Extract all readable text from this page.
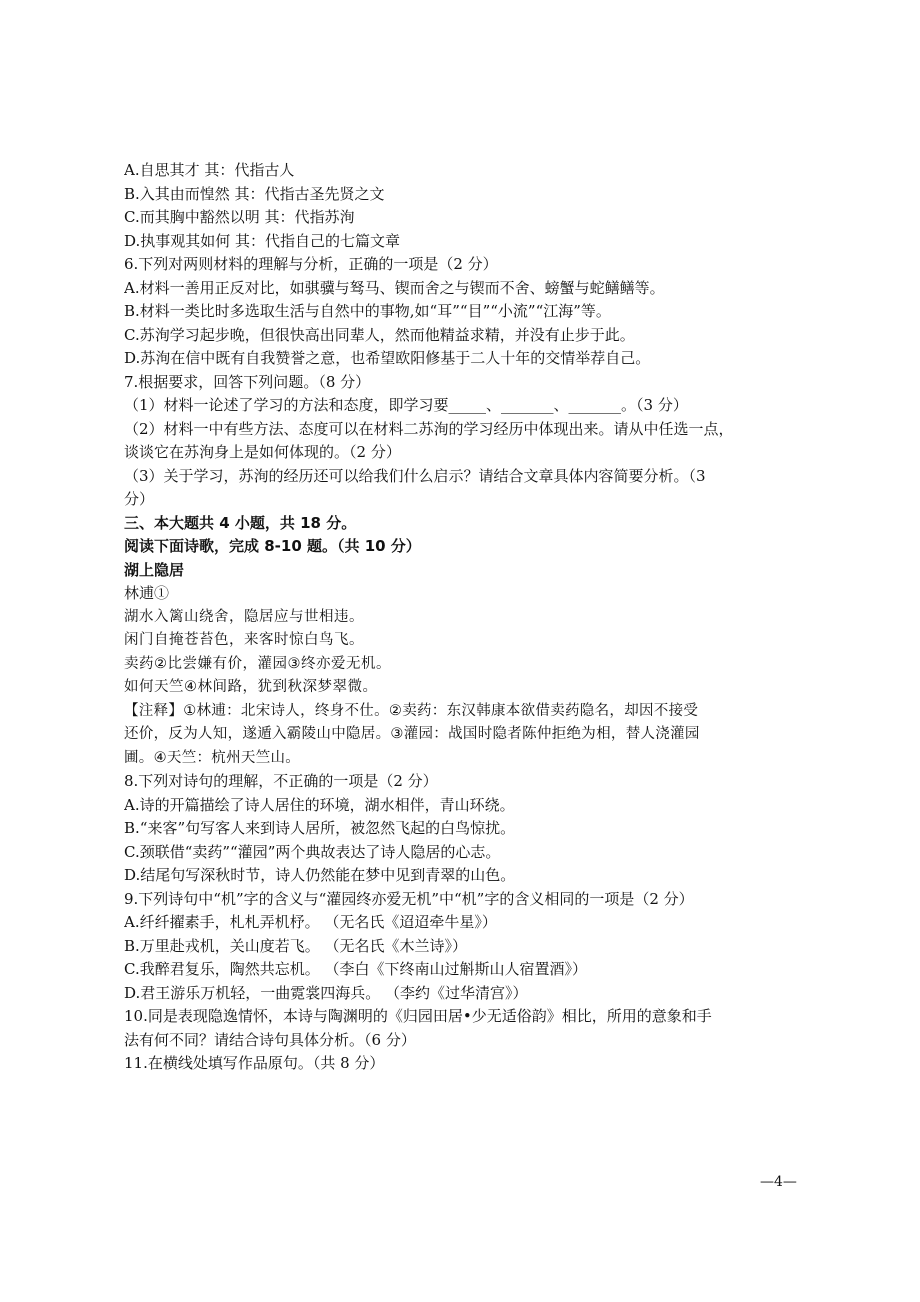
A.自思其才 其：代指古人
B.入其由而惶然 其：代指古圣先贤之文
C.而其胸中豁然以明 其：代指苏洵
D.执事观其如何 其：代指自己的七篇文章
6.下列对两则材料的理解与分析，正确的一项是（2 分）
A.材料一善用正反对比，如骐骥与驽马、锲而舍之与锲而不舍、螃蟹与蛇鳝鳝等。
B.材料一类比时多选取生活与自然中的事物,如“耳”“目”“小流”“江海”等。
C.苏洵学习起步晚，但很快高出同辈人，然而他精益求精，并没有止步于此。
D.苏洵在信中既有自我赞誉之意，也希望欧阳修基于二人十年的交情举荐自己。
7.根据要求，回答下列问题。（8 分）
（1）材料一论述了学习的方法和态度，即学习要_____、_______、_______。（3 分）
（2）材料一中有些方法、态度可以在材料二苏洵的学习经历中体现出来。请从中任选一点，
谈谈它在苏洵身上是如何体现的。（2 分）
（3）关于学习，苏洵的经历还可以给我们什么启示？请结合文章具体内容简要分析。（3
分）
三、本大题共 4 小题，共 18 分。
阅读下面诗歌，完成 8-10 题。（共 10 分）
湖上隐居
林逋①
湖水入篱山绕舍，隐居应与世相违。
闲门自掩苍苔色，来客时惊白鸟飞。
卖药②比尝嫌有价，灌园③终亦爱无机。
如何天竺④林间路，犹到秋深梦翠微。
【注释】①林逋：北宋诗人，终身不仕。②卖药：东汉韩康本欲借卖药隐名，却因不接受
还价，反为人知，遂遁入霸陵山中隐居。③灌园：战国时隐者陈仲拒绝为相，替人浇灌园
圃。④天竺：杭州天竺山。
8.下列对诗句的理解，不正确的一项是（2 分）
A.诗的开篇描绘了诗人居住的环境，湖水相伴，青山环绕。
B.“来客”句写客人来到诗人居所，被忽然飞起的白鸟惊扰。
C.颈联借“卖药”“灌园”两个典故表达了诗人隐居的心志。
D.结尾句写深秋时节，诗人仍然能在梦中见到青翠的山色。
9.下列诗句中“机”字的含义与“灌园终亦爱无机”中“机”字的含义相同的一项是（2 分）
A.纤纤擢素手，札札弄机杼。 （无名氏《迢迢牵牛星》）
B.万里赴戎机，关山度若飞。 （无名氏《木兰诗》）
C.我醉君复乐，陶然共忘机。 （李白《下终南山过斛斯山人宿置酒》）
D.君王游乐万机轻，一曲霓裳四海兵。 （李约《过华清宫》）
10.同是表现隐逸情怀，本诗与陶渊明的《归园田居•少无适俗韵》相比，所用的意象和手
法有何不同？请结合诗句具体分析。（6 分）
11.在横线处填写作品原句。（共 8 分）
—4—
